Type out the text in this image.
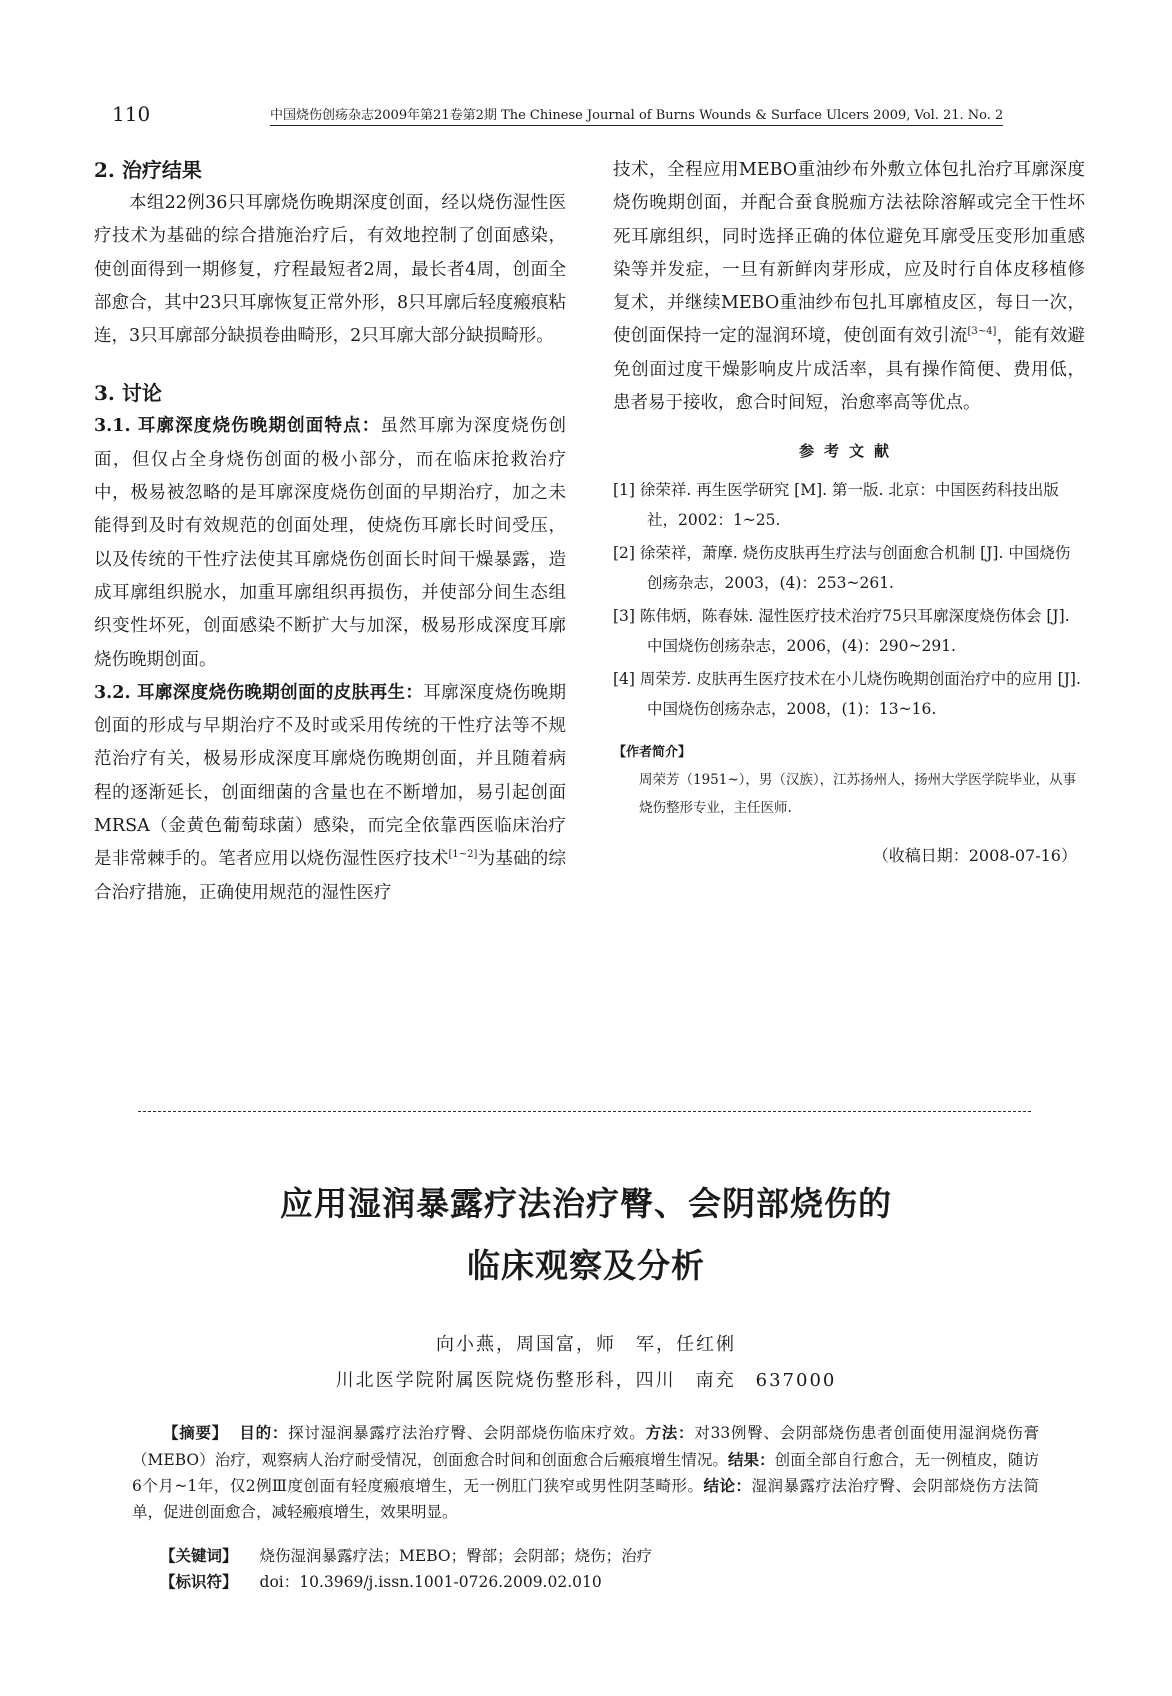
110	中国烧伤创疡杂志2009年第21卷第2期 The Chinese Journal of Burns Wounds & Surface Ulcers 2009, Vol. 21. No. 2
2. 治疗结果

本组22例36只耳廓烧伤晚期深度创面，经以烧伤湿性医疗技术为基础的综合措施治疗后，有效地控制了创面感染，使创面得到一期修复，疗程最短者2周，最长者4周，创面全部愈合，其中23只耳廓恢复正常外形，8只耳廓后轻度瘢痕粘连，3只耳廓部分缺损卷曲畸形，2只耳廓大部分缺损畸形。

3. 讨论

3.1. 耳廓深度烧伤晚期创面特点：虽然耳廓为深度烧伤创面，但仅占全身烧伤创面的极小部分，而在临床抢救治疗中，极易被忽略的是耳廓深度烧伤创面的早期治疗，加之未能得到及时有效规范的创面处理，使烧伤耳廓长时间受压，以及传统的干性疗法使其耳廓烧伤创面长时间干燥暴露，造成耳廓组织脱水，加重耳廓组织再损伤，并使部分间生态组织变性坏死，创面感染不断扩大与加深，极易形成深度耳廓烧伤晚期创面。

3.2. 耳廓深度烧伤晚期创面的皮肤再生：耳廓深度烧伤晚期创面的形成与早期治疗不及时或采用传统的干性疗法等不规范治疗有关，极易形成深度耳廓烧伤晚期创面，并且随着病程的逐渐延长，创面细菌的含量也在不断增加，易引起创面MRSA（金黄色葡萄球菌）感染，而完全依靠西医临床治疗是非常棘手的。笔者应用以烧伤湿性医疗技术[1~2]为基础的综合治疗措施，正确使用规范的湿性医疗

技术，全程应用MEBO重油纱布外敷立体包扎治疗耳廓深度烧伤晚期创面，并配合蚕食脱痂方法祛除溶解或完全干性坏死耳廓组织，同时选择正确的体位避免耳廓受压变形加重感染等并发症，一旦有新鲜肉芽形成，应及时行自体皮移植修复术，并继续MEBO重油纱布包扎耳廓植皮区，每日一次，使创面保持一定的湿润环境，使创面有效引流[3~4]，能有效避免创面过度干燥影响皮片成活率，具有操作简便、费用低，患者易于接收，愈合时间短，治愈率高等优点。

参考文献

[1] 徐荣祥. 再生医学研究 [M]. 第一版. 北京：中国医药科技出版社，2002：1~25.

[2] 徐荣祥，萧摩. 烧伤皮肤再生疗法与创面愈合机制 [J]. 中国烧伤创疡杂志，2003，(4)：253~261.

[3] 陈伟炳，陈春妹. 湿性医疗技术治疗75只耳廓深度烧伤体会 [J]. 中国烧伤创疡杂志，2006，(4)：290~291.

[4] 周荣芳. 皮肤再生医疗技术在小儿烧伤晚期创面治疗中的应用 [J]. 中国烧伤创疡杂志，2008，(1)：13~16.

【作者简介】

周荣芳（1951~），男（汉族），江苏扬州人，扬州大学医学院毕业，从事烧伤整形专业，主任医师.

（收稿日期：2008-07-16）
应用湿润暴露疗法治疗臀、会阴部烧伤的
临床观察及分析
向小燕，周国富，师　军，任红俐
川北医学院附属医院烧伤整形科，四川　南充　637000

【摘要】 目的：探讨湿润暴露疗法治疗臀、会阴部烧伤临床疗效。方法：对33例臀、会阴部烧伤患者创面使用湿润烧伤膏（MEBO）治疗，观察病人治疗耐受情况，创面愈合时间和创面愈合后瘢痕增生情况。结果：创面全部自行愈合，无一例植皮，随访6个月~1年，仅2例Ⅲ度创面有轻度瘢痕增生，无一例肛门狭窄或男性阴茎畸形。结论：湿润暴露疗法治疗臀、会阴部烧伤方法简单，促进创面愈合，减轻瘢痕增生，效果明显。

【关键词】 烧伤湿润暴露疗法；MEBO；臀部；会阴部；烧伤；治疗
【标识符】 doi：10.3969/j.issn.1001-0726.2009.02.010
